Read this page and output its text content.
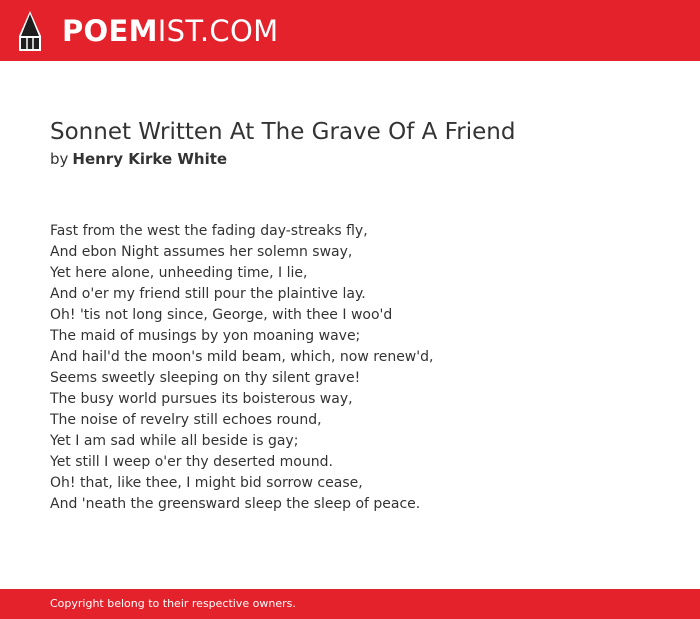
POEMIST.COM
Sonnet Written At The Grave Of A Friend
by Henry Kirke White
Fast from the west the fading day-streaks fly,
And ebon Night assumes her solemn sway,
Yet here alone, unheeding time, I lie,
And o'er my friend still pour the plaintive lay.
Oh! 'tis not long since, George, with thee I woo'd
The maid of musings by yon moaning wave;
And hail'd the moon's mild beam, which, now renew'd,
Seems sweetly sleeping on thy silent grave!
The busy world pursues its boisterous way,
The noise of revelry still echoes round,
Yet I am sad while all beside is gay;
Yet still I weep o'er thy deserted mound.
Oh! that, like thee, I might bid sorrow cease,
And 'neath the greensward sleep the sleep of peace.
Copyright belong to their respective owners.
